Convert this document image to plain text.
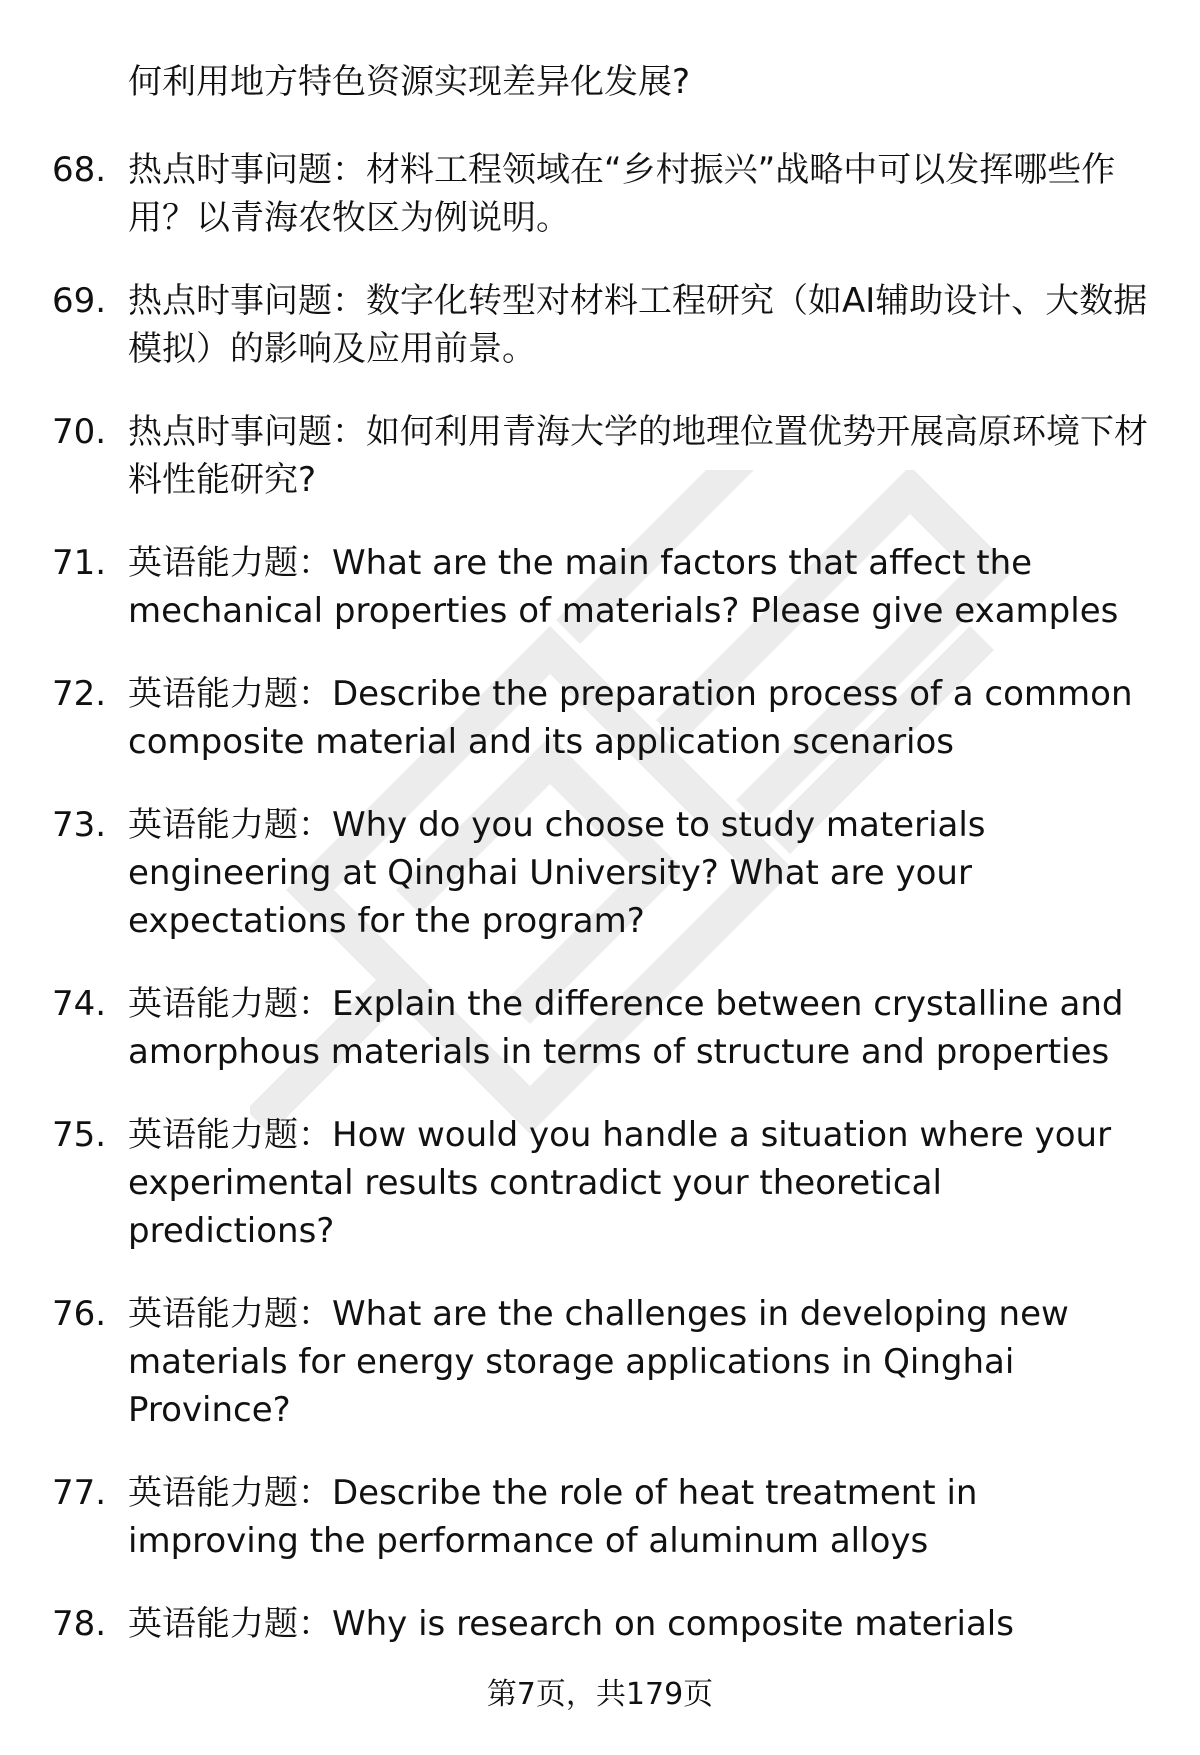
何利用地方特色资源实现差异化发展?

68. 热点时事问题：材料工程领域在“乡村振兴”战略中可以发挥哪些作用？以青海农牧区为例说明。
69. 热点时事问题：数字化转型对材料工程研究（如AI辅助设计、大数据模拟）的影响及应用前景。
70. 热点时事问题：如何利用青海大学的地理位置优势开展高原环境下材料性能研究?
71. 英语能力题：What are the main factors that affect the mechanical properties of materials? Please give examples
72. 英语能力题：Describe the preparation process of a common composite material and its application scenarios
73. 英语能力题：Why do you choose to study materials engineering at Qinghai University? What are your expectations for the program?
74. 英语能力题：Explain the difference between crystalline and amorphous materials in terms of structure and properties
75. 英语能力题：How would you handle a situation where your experimental results contradict your theoretical predictions?
76. 英语能力题：What are the challenges in developing new materials for energy storage applications in Qinghai Province?
77. 英语能力题：Describe the role of heat treatment in improving the performance of aluminum alloys
78. 英语能力题：Why is research on composite materials
第7页，共179页
